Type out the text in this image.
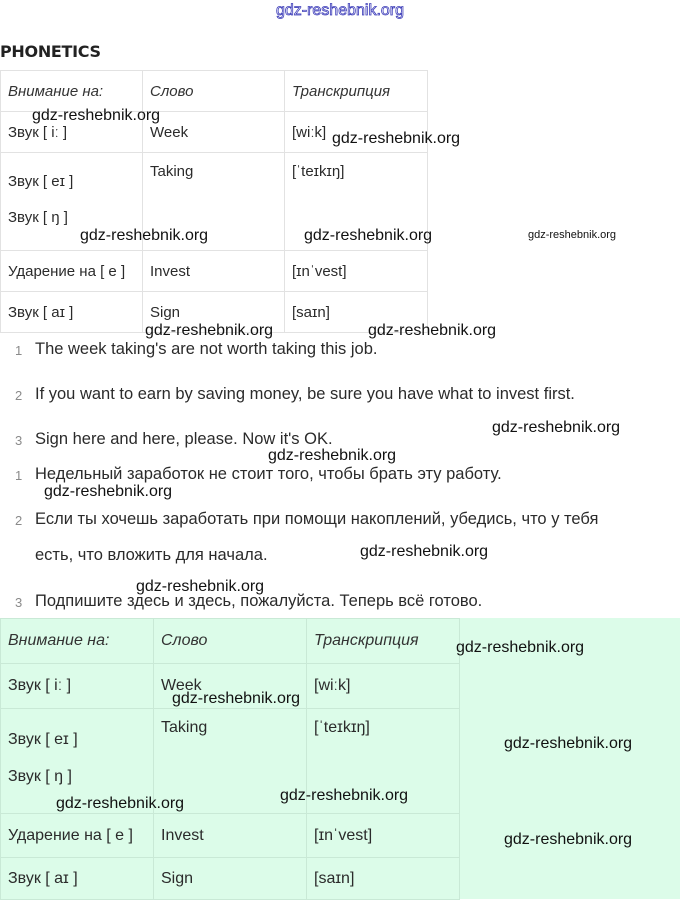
gdz-reshebnik.org
PHONETICS
Внимание на:	Слово	Транскрипция
Звук [ iː ]	Week	[wiːk]
Звук [ eɪ ]	Taking	[ˈteɪkɪŋ]
Звук [ ŋ ]		
Ударение на [ e ]	Invest	[ɪnˈvest]
Звук [ aɪ ]	Sign	[saɪn]
1 The week taking's are not worth taking this job.
2 If you want to earn by saving money, be sure you have what to invest first.
3 Sign here and here, please. Now it's OK.
1 Недельный заработок не стоит того, чтобы брать эту работу.
2 Если ты хочешь заработать при помощи накоплений, убедись, что у тебя
есть, что вложить для начала.
3 Подпишите здесь и здесь, пожалуйста. Теперь всё готово.
Внимание на:	Слово	Транскрипция
Звук [ iː ]	Week	[wiːk]
Звук [ eɪ ]	Taking	[ˈteɪkɪŋ]
Звук [ ŋ ]		
Ударение на [ e ]	Invest	[ɪnˈvest]
Звук [ aɪ ]	Sign	[saɪn]
gdz-reshebnik.org
gdz-reshebnik.org
gdz-reshebnik.org	gdz-reshebnik.org	gdz-reshebnik.org
gdz-reshebnik.org	gdz-reshebnik.org
gdz-reshebnik.org
gdz-reshebnik.org
gdz-reshebnik.org
gdz-reshebnik.org
gdz-reshebnik.org
gdz-reshebnik.org
gdz-reshebnik.org
gdz-reshebnik.org
gdz-reshebnik.org
gdz-reshebnik.org
gdz-reshebnik.org
